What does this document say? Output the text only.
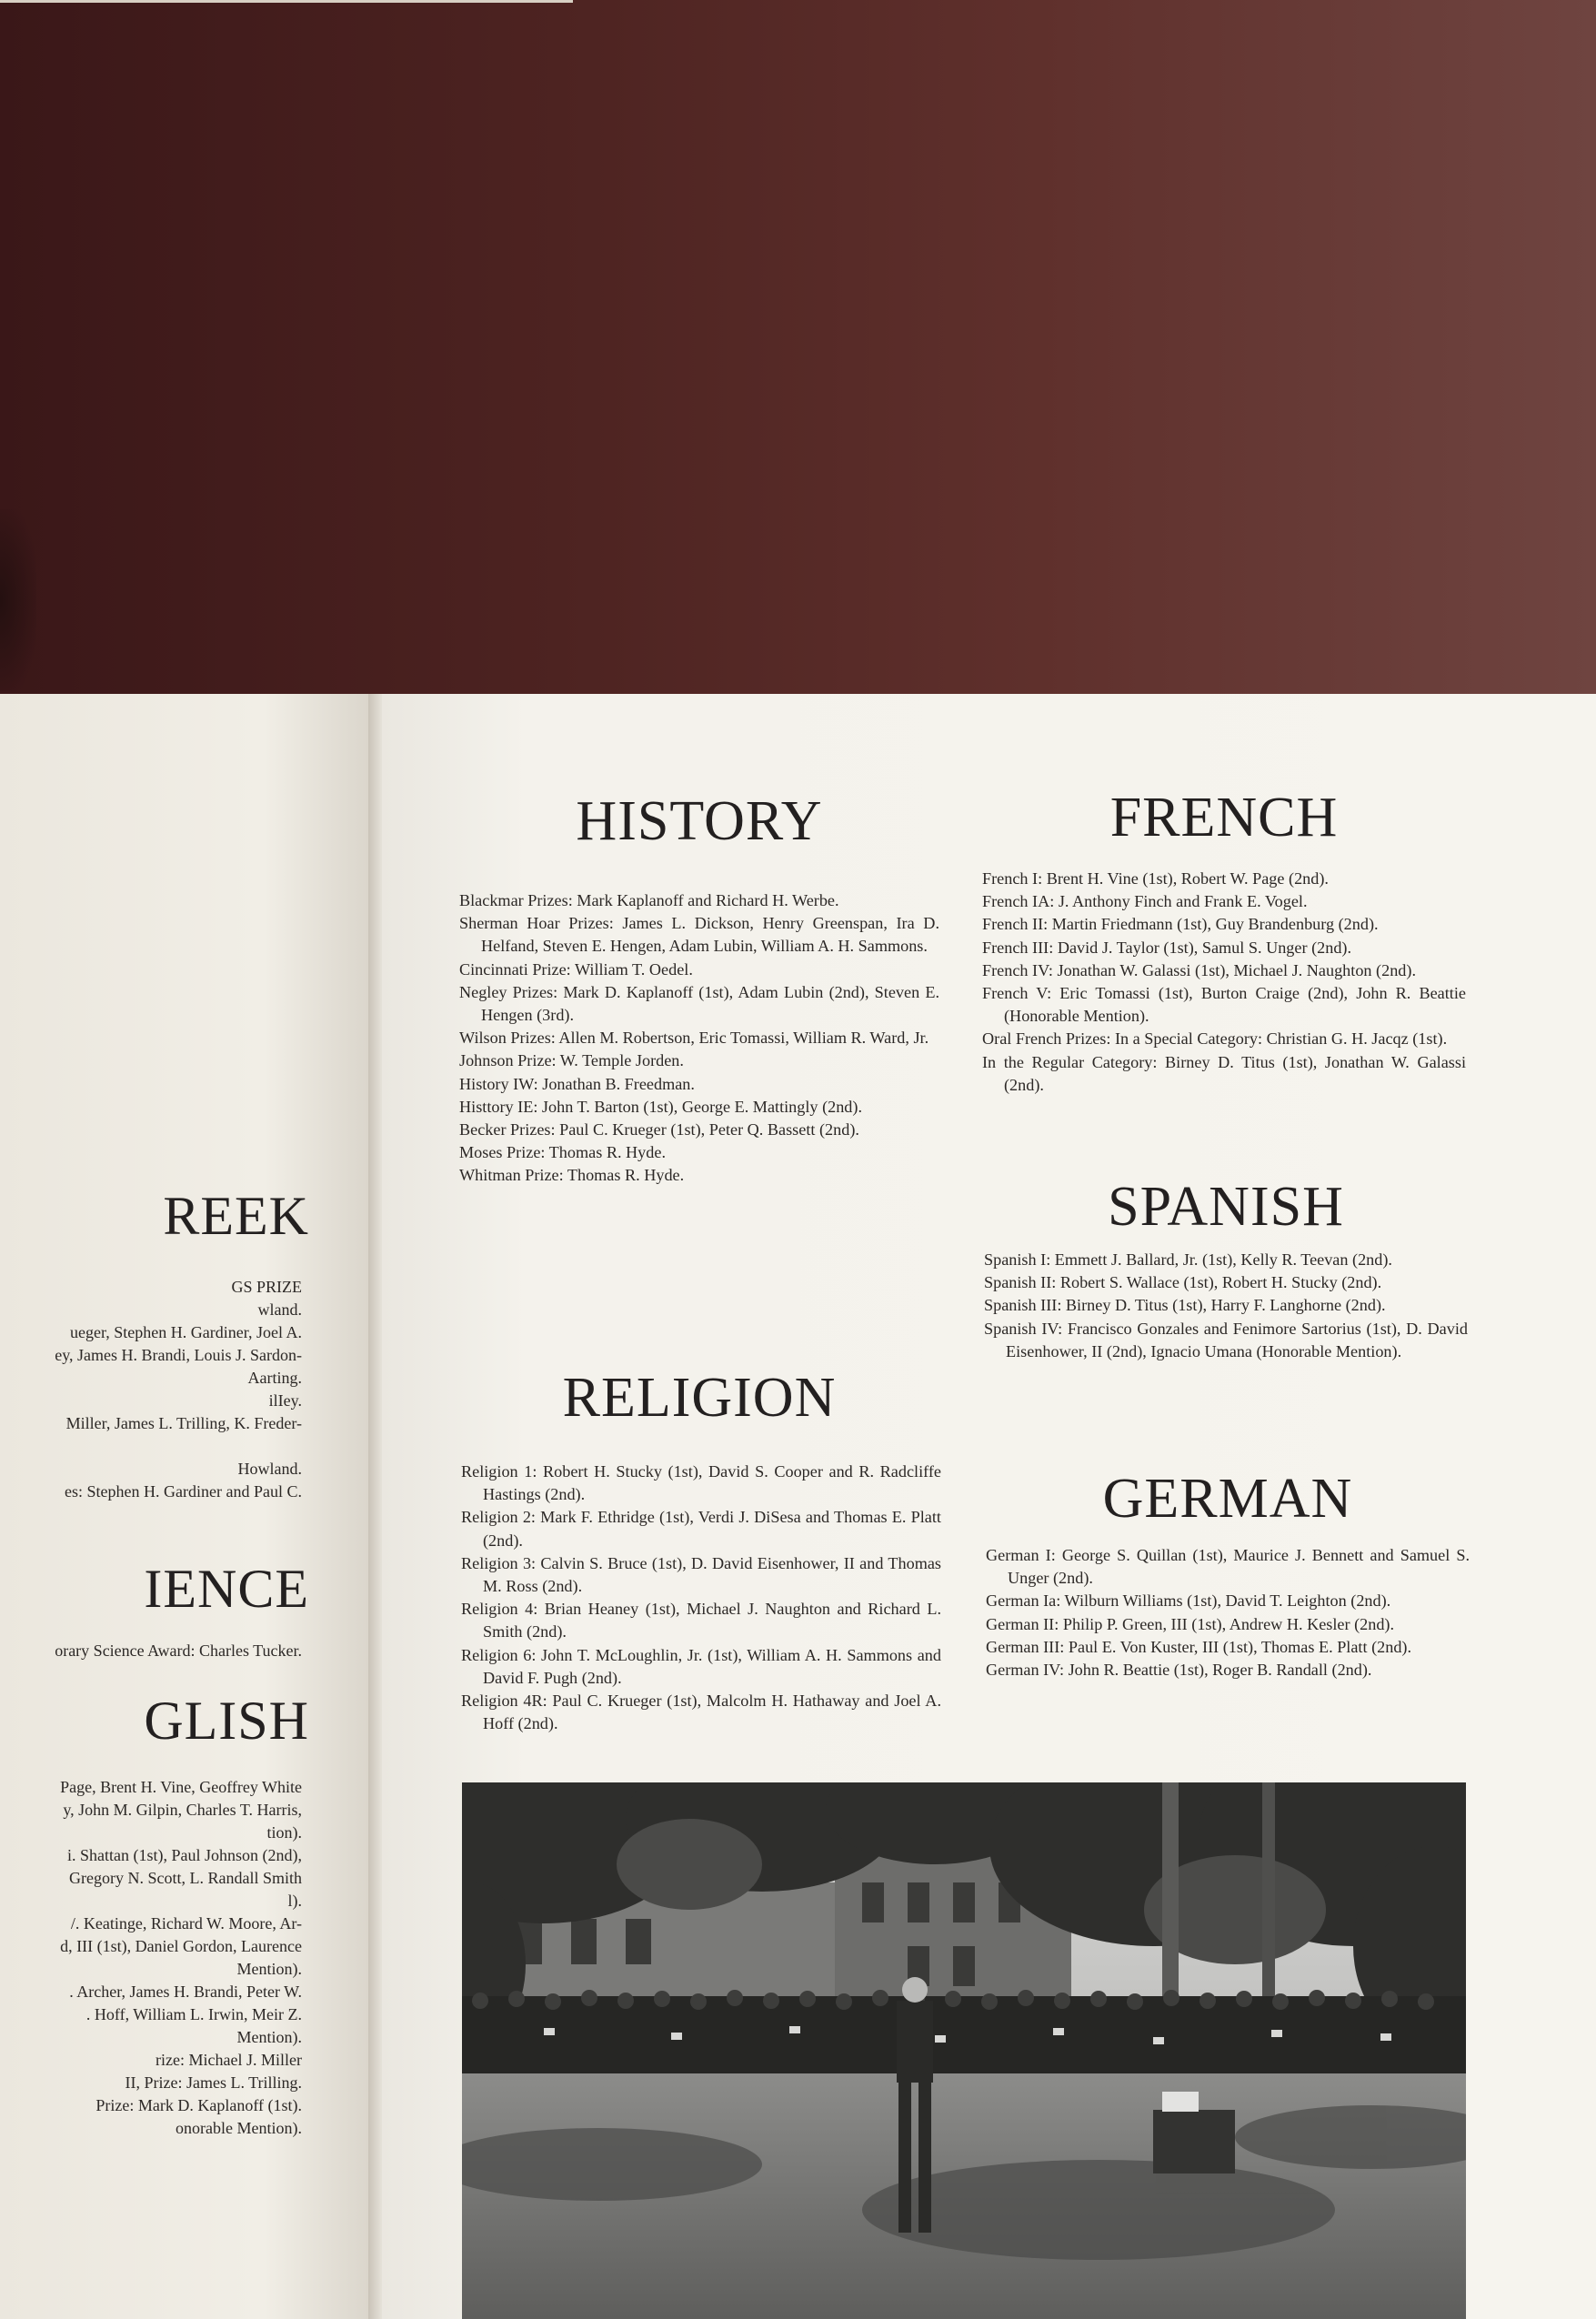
REEK
GS PRIZE
wland.
ueger, Stephen H. Gardiner, Joel A.
ey, James H. Brandi, Louis J. Sardon-
Aarting.
ilIey.
Miller, James L. Trilling, K. Freder-

Howland.
es: Stephen H. Gardiner and Paul C.
IENCE
orary Science Award: Charles Tucker.
GLISH
Page, Brent H. Vine, Geoffrey White
y, John M. Gilpin, Charles T. Harris,
tion).
i. Shattan (1st), Paul Johnson (2nd),
Gregory N. Scott, L. Randall Smith
l).
/. Keatinge, Richard W. Moore, Ar-
d, III (1st), Daniel Gordon, Laurence
Mention).
. Archer, James H. Brandi, Peter W.
. Hoff, William L. Irwin, Meir Z.
Mention).
rize: Michael J. Miller
II, Prize: James L. Trilling.
Prize: Mark D. Kaplanoff (1st).
onorable Mention).
HISTORY
Blackmar Prizes: Mark Kaplanoff and Richard H. Werbe.
Sherman Hoar Prizes: James L. Dickson, Henry Greenspan, Ira D. Helfand, Steven E. Hengen, Adam Lubin, William A. H. Sammons.
Cincinnati Prize: William T. Oedel.
Negley Prizes: Mark D. Kaplanoff (1st), Adam Lubin (2nd), Steven E. Hengen (3rd).
Wilson Prizes: Allen M. Robertson, Eric Tomassi, William R. Ward, Jr.
Johnson Prize: W. Temple Jorden.
History IW: Jonathan B. Freedman.
Histtory IE: John T. Barton (1st), George E. Mattingly (2nd).
Becker Prizes: Paul C. Krueger (1st), Peter Q. Bassett (2nd).
Moses Prize: Thomas R. Hyde.
Whitman Prize: Thomas R. Hyde.
RELIGION
Religion 1: Robert H. Stucky (1st), David S. Cooper and R. Radcliffe Hastings (2nd).
Religion 2: Mark F. Ethridge (1st), Verdi J. DiSesa and Thomas E. Platt (2nd).
Religion 3: Calvin S. Bruce (1st), D. David Eisenhower, II and Thomas M. Ross (2nd).
Religion 4: Brian Heaney (1st), Michael J. Naughton and Richard L. Smith (2nd).
Religion 6: John T. McLoughlin, Jr. (1st), William A. H. Sammons and David F. Pugh (2nd).
Religion 4R: Paul C. Krueger (1st), Malcolm H. Hathaway and Joel A. Hoff (2nd).
FRENCH
French I: Brent H. Vine (1st), Robert W. Page (2nd).
French IA: J. Anthony Finch and Frank E. Vogel.
French II: Martin Friedmann (1st), Guy Brandenburg (2nd).
French III: David J. Taylor (1st), Samul S. Unger (2nd).
French IV: Jonathan W. Galassi (1st), Michael J. Naughton (2nd).
French V: Eric Tomassi (1st), Burton Craige (2nd), John R. Beattie (Honorable Mention).
Oral French Prizes: In a Special Category: Christian G. H. Jacqz (1st).
In the Regular Category: Birney D. Titus (1st), Jonathan W. Galassi (2nd).
SPANISH
Spanish I: Emmett J. Ballard, Jr. (1st), Kelly R. Teevan (2nd).
Spanish II: Robert S. Wallace (1st), Robert H. Stucky (2nd).
Spanish III: Birney D. Titus (1st), Harry F. Langhorne (2nd).
Spanish IV: Francisco Gonzales and Fenimore Sartorius (1st), D. David Eisenhower, II (2nd), Ignacio Umana (Honorable Mention).
GERMAN
German I: George S. Quillan (1st), Maurice J. Bennett and Samuel S. Unger (2nd).
German Ia: Wilburn Williams (1st), David T. Leighton (2nd).
German II: Philip P. Green, III (1st), Andrew H. Kesler (2nd).
German III: Paul E. Von Kuster, III (1st), Thomas E. Platt (2nd).
German IV: John R. Beattie (1st), Roger B. Randall (2nd).
